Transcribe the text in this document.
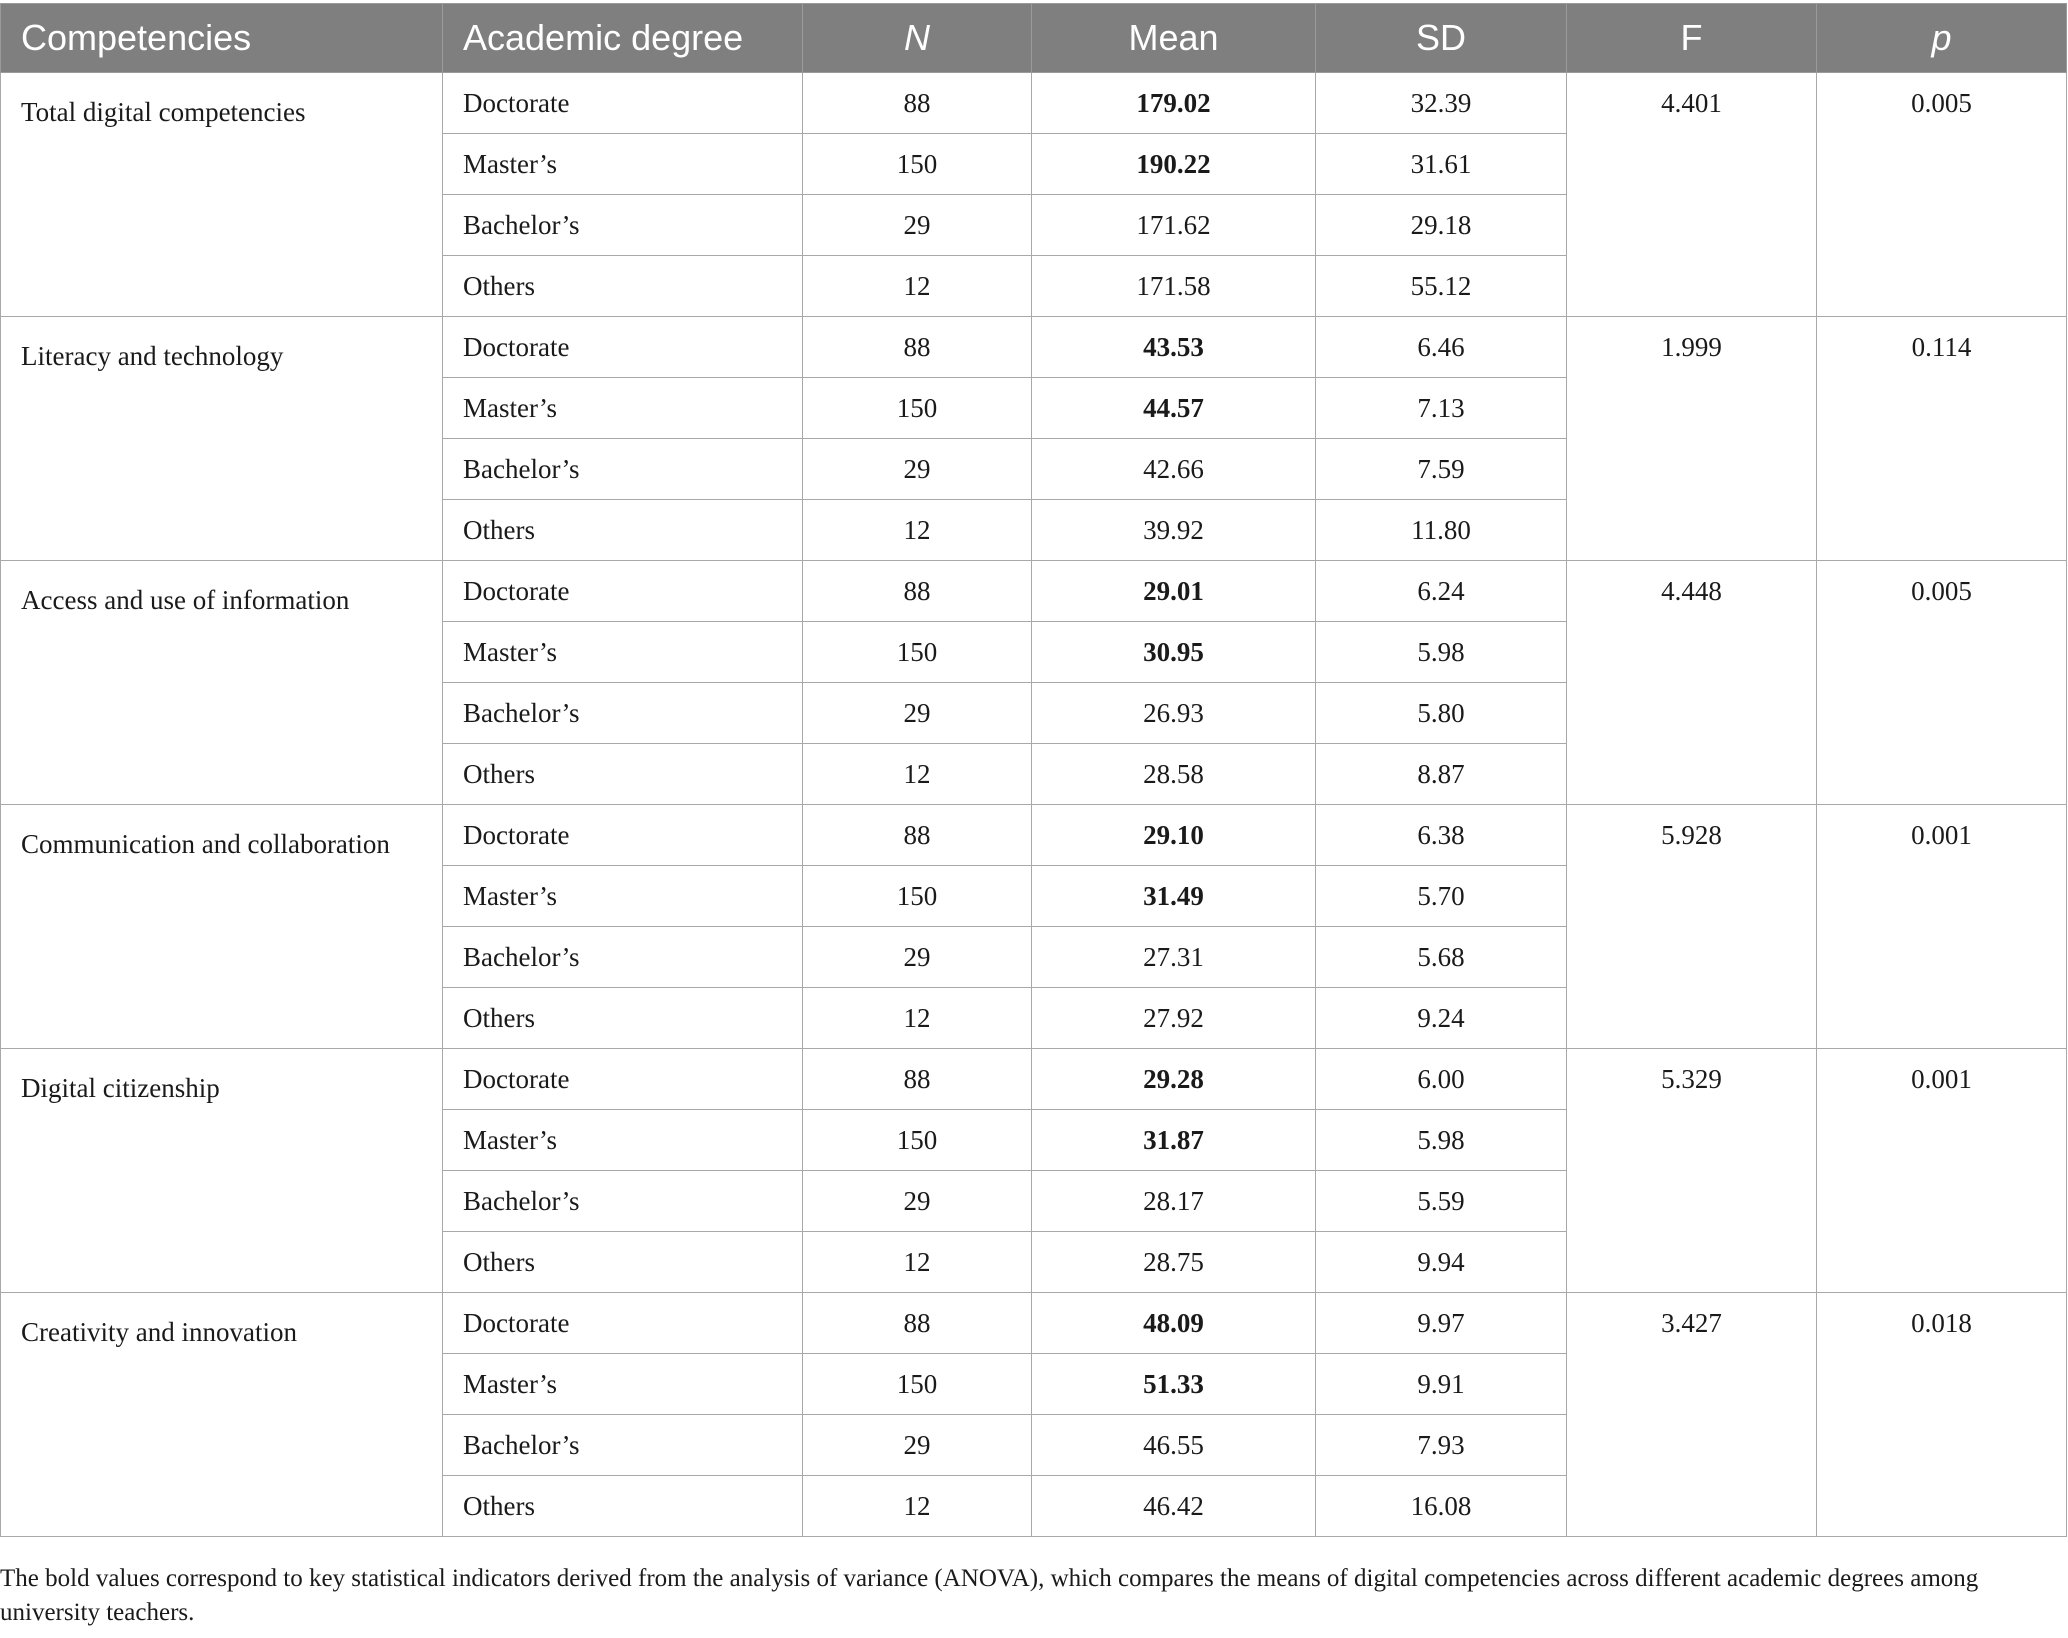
Competencies	Academic degree	N	Mean	SD	F	p
Total digital competencies	Doctorate	88	179.02	32.39	4.401	0.005
	Master’s	150	190.22	31.61		
	Bachelor’s	29	171.62	29.18		
	Others	12	171.58	55.12		
Literacy and technology	Doctorate	88	43.53	6.46	1.999	0.114
	Master’s	150	44.57	7.13		
	Bachelor’s	29	42.66	7.59		
	Others	12	39.92	11.80		
Access and use of information	Doctorate	88	29.01	6.24	4.448	0.005
	Master’s	150	30.95	5.98		
	Bachelor’s	29	26.93	5.80		
	Others	12	28.58	8.87		
Communication and collaboration	Doctorate	88	29.10	6.38	5.928	0.001
	Master’s	150	31.49	5.70		
	Bachelor’s	29	27.31	5.68		
	Others	12	27.92	9.24		
Digital citizenship	Doctorate	88	29.28	6.00	5.329	0.001
	Master’s	150	31.87	5.98		
	Bachelor’s	29	28.17	5.59		
	Others	12	28.75	9.94		
Creativity and innovation	Doctorate	88	48.09	9.97	3.427	0.018
	Master’s	150	51.33	9.91		
	Bachelor’s	29	46.55	7.93		
	Others	12	46.42	16.08		
The bold values correspond to key statistical indicators derived from the analysis of variance (ANOVA), which compares the means of digital competencies across different academic degrees among university teachers.
